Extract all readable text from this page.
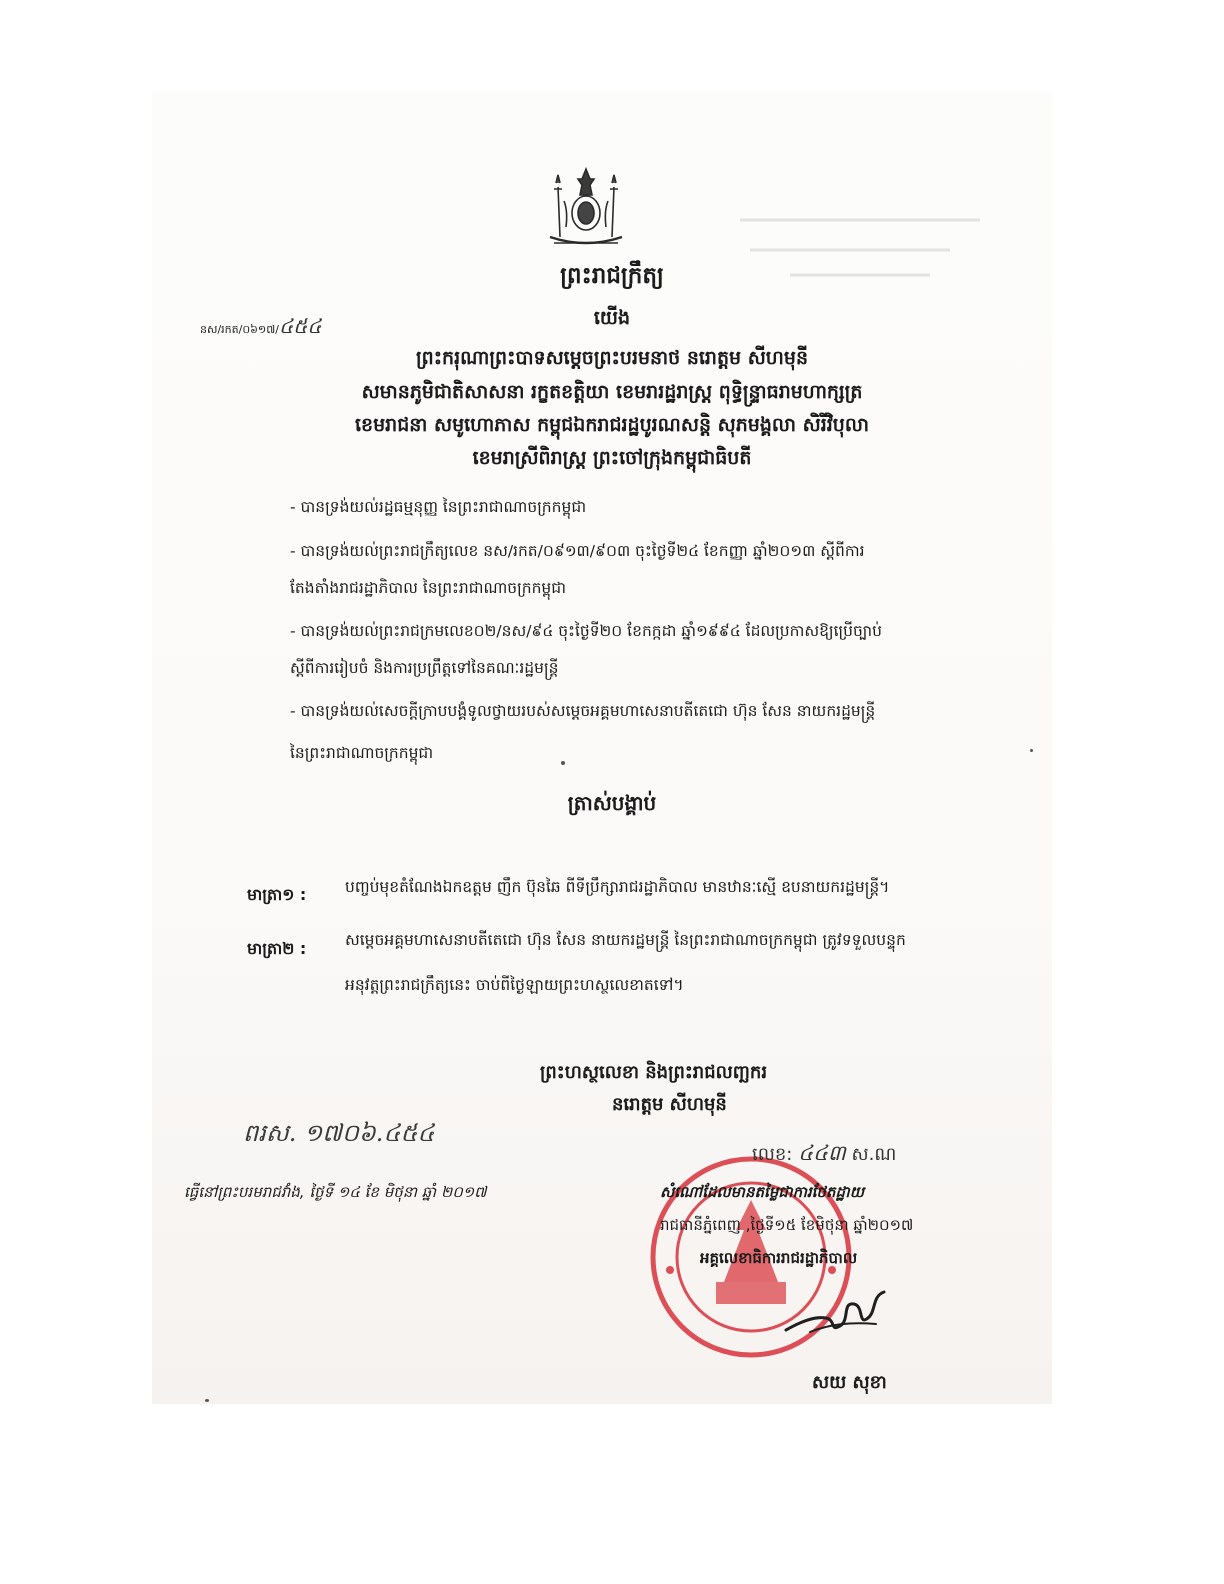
ព្រះរាជក្រឹត្យ
យើង
នស/រកត/០៦១៧/៤៥៤
ព្រះករុណាព្រះបាទសម្តេចព្រះបរមនាថ នរោត្តម សីហមុនី
សមានភូមិជាតិសាសនា រក្ខតខត្តិយា ខេមរារដ្ឋរាស្ត្រ ពុទ្ធិន្ទ្រាធរាមហាក្សត្រ
ខេមរាជនា សមូហោភាស កម្ពុជឯករាជរដ្ឋបូរណសន្តិ សុភមង្គលា សិរីវិបុលា
ខេមរាស្រីពិរាស្ត្រ ព្រះចៅក្រុងកម្ពុជាធិបតី
- បានទ្រង់យល់រដ្ឋធម្មនុញ្ញ នៃព្រះរាជាណាចក្រកម្ពុជា
- បានទ្រង់យល់ព្រះរាជក្រឹត្យលេខ នស/រកត/០៩១៣/៩០៣ ចុះថ្ងៃទី២៤ ខែកញ្ញា ឆ្នាំ២០១៣ ស្តីពីការ
តែងតាំងរាជរដ្ឋាភិបាល នៃព្រះរាជាណាចក្រកម្ពុជា
- បានទ្រង់យល់ព្រះរាជក្រមលេខ០២/នស/៩៤ ចុះថ្ងៃទី២០ ខែកក្កដា ឆ្នាំ១៩៩៤ ដែលប្រកាសឱ្យប្រើច្បាប់
ស្តីពីការរៀបចំ និងការប្រព្រឹត្តទៅនៃគណៈរដ្ឋមន្ត្រី
- បានទ្រង់យល់សេចក្តីក្រាបបង្គំទូលថ្វាយរបស់សម្តេចអគ្គមហាសេនាបតីតេជោ ហ៊ុន សែន នាយករដ្ឋមន្ត្រី
នៃព្រះរាជាណាចក្រកម្ពុជា
ត្រាស់បង្គាប់
មាត្រា១ : បញ្ចប់មុខតំណែងឯកឧត្តម ញឹក ប៊ុនឆៃ ពីទីប្រឹក្សារាជរដ្ឋាភិបាល មានឋានៈស្មើ ឧបនាយករដ្ឋមន្ត្រី។
មាត្រា២ : សម្តេចអគ្គមហាសេនាបតីតេជោ ហ៊ុន សែន នាយករដ្ឋមន្ត្រី នៃព្រះរាជាណាចក្រកម្ពុជា ត្រូវទទួលបន្ទុក
អនុវត្តព្រះរាជក្រឹត្យនេះ ចាប់ពីថ្ងៃឡាយព្រះហស្ថលេខាតទៅ។
ព្រះហស្ថលេខា និងព្រះរាជលញ្ឆករ
នរោត្តម សីហមុនី
ពរស. ១៧០៦.៤៥៤
ធ្វើនៅព្រះបរមរាជវាំង, ថ្ងៃទី ១៤ ខែ មិថុនា ឆ្នាំ ២០១៧
លេខ: ៤៤៣ ស.ណ
សំណៅដែលមានតម្លៃជាការថែតដ្ឋាយ
រាជធានីភ្នំពេញ ,ថ្ងៃទី១៥ ខែមិថុនា ឆ្នាំ២០១៧
អគ្គលេខាធិការរាជរដ្ឋាភិបាល
សយ សុខា
